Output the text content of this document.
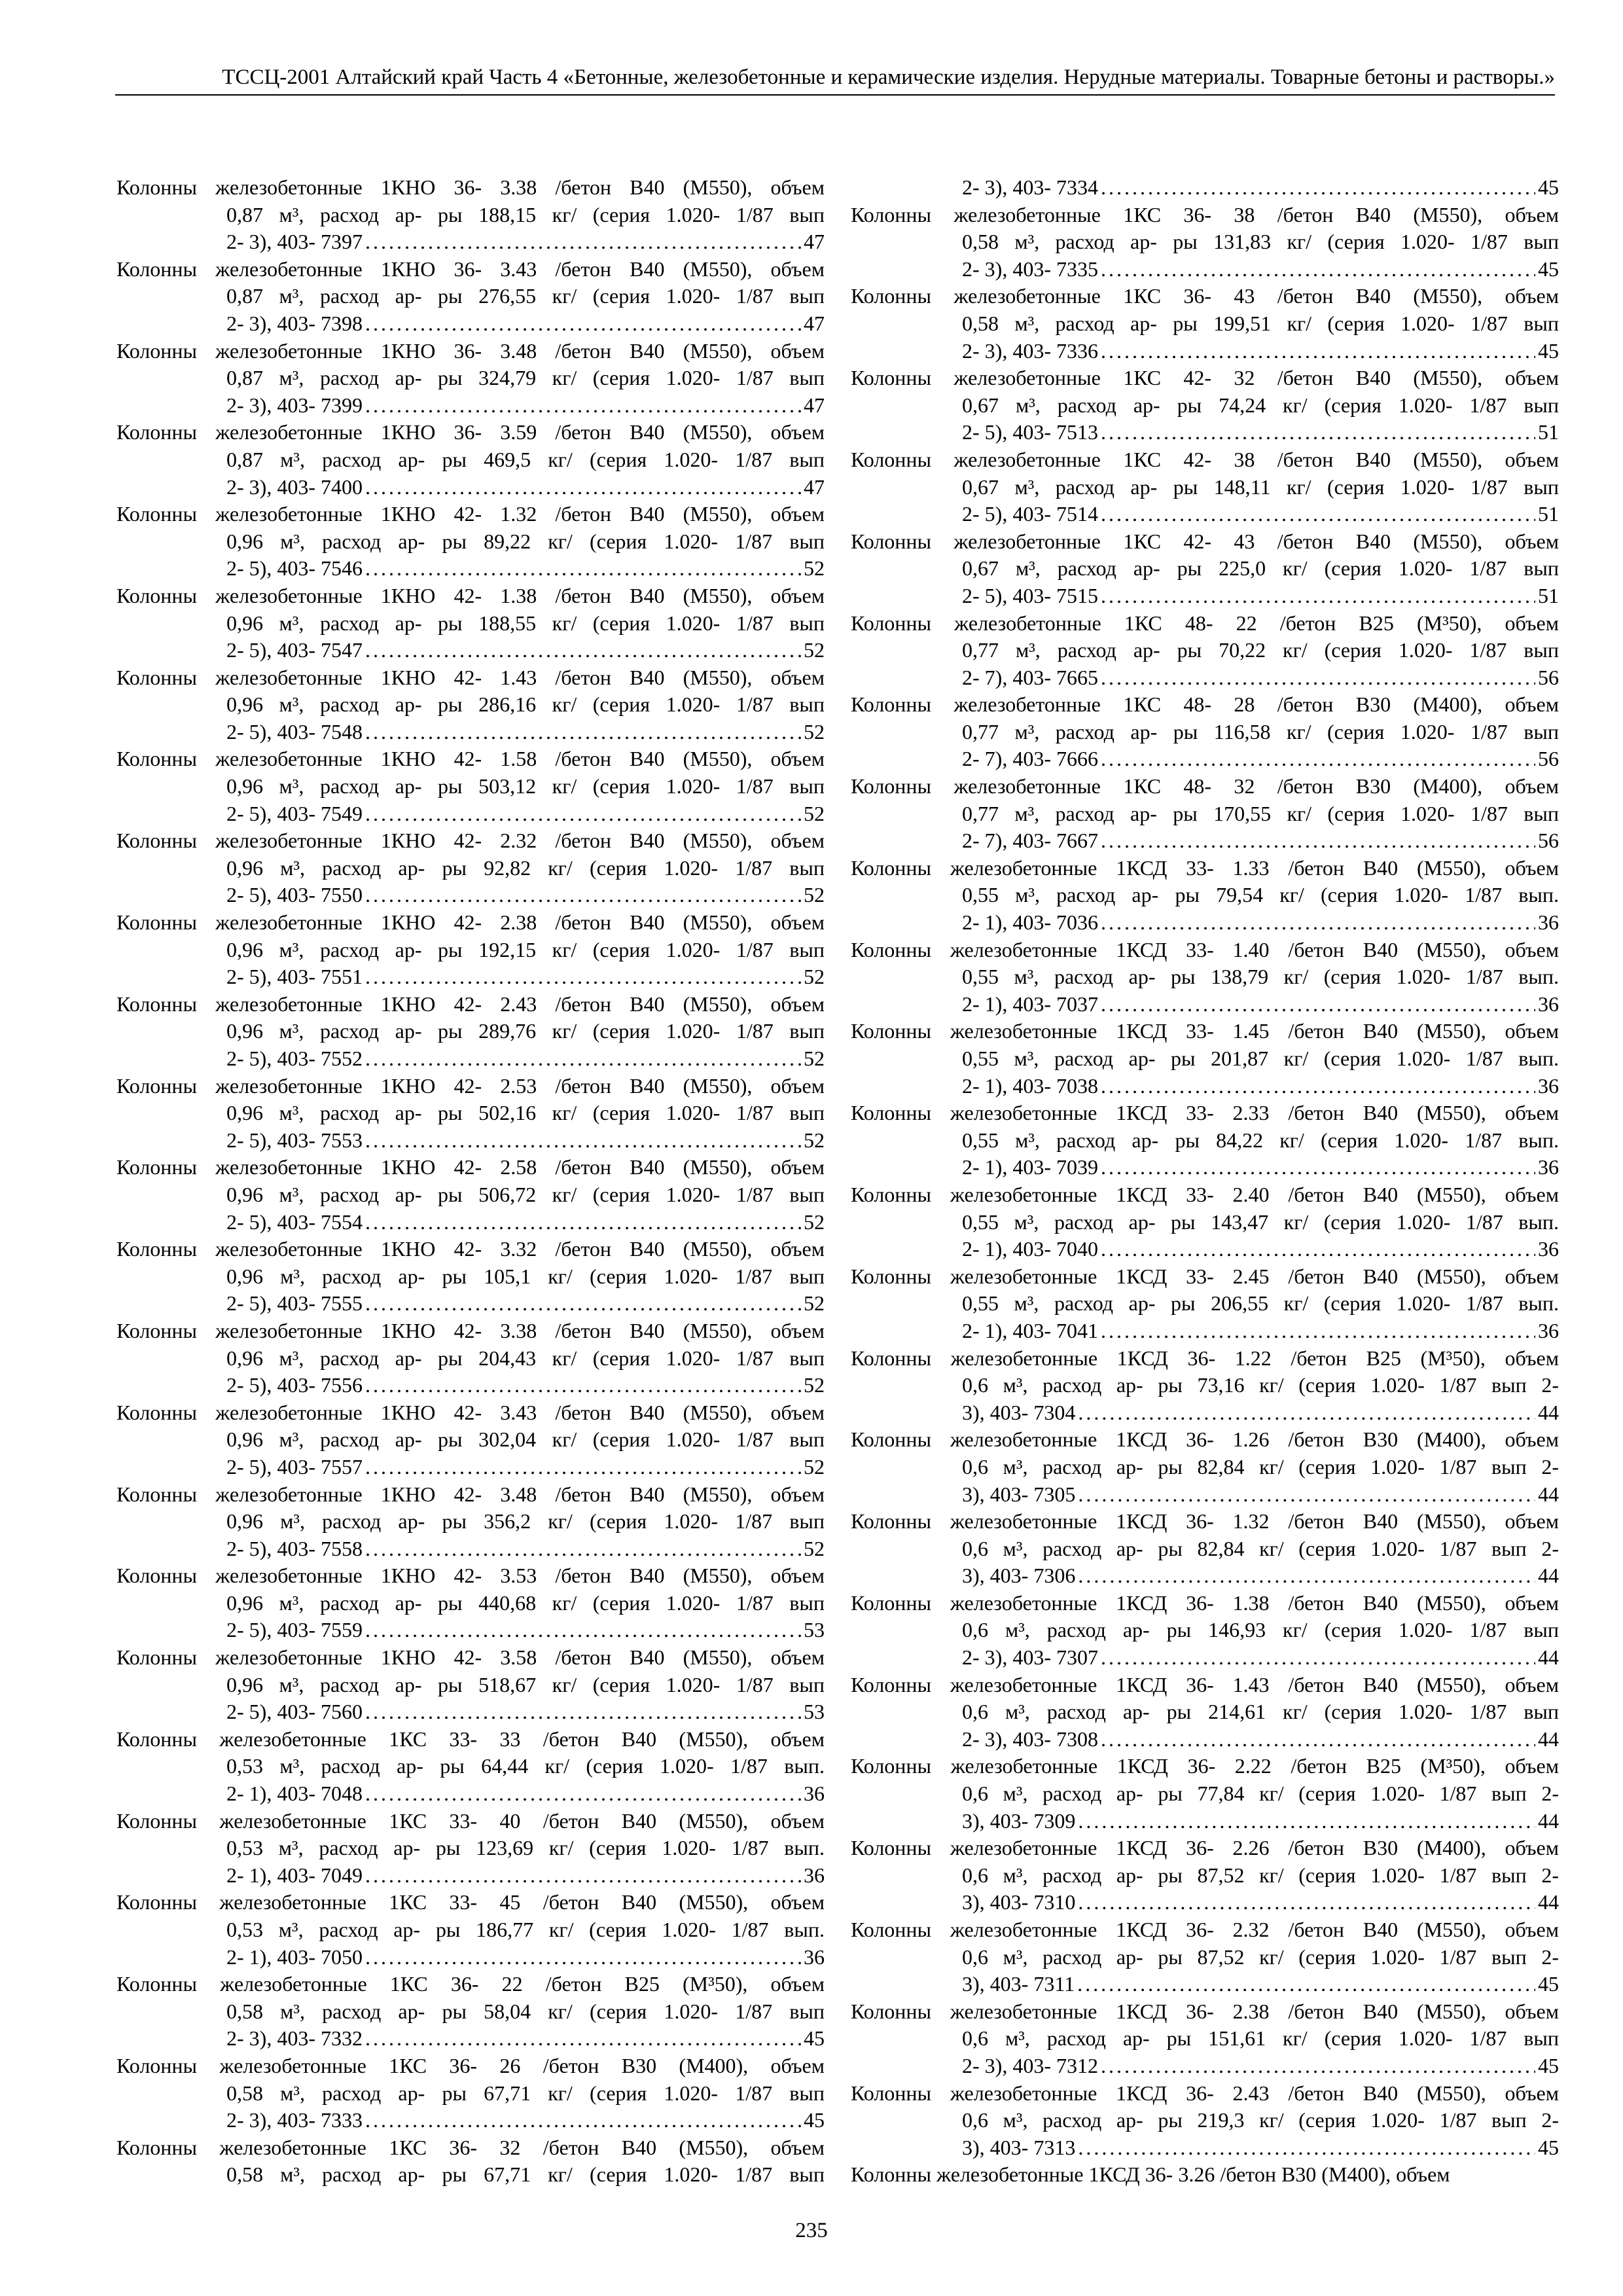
ТССЦ-2001 Алтайский край Часть 4 «Бетонные, железобетонные и керамические изделия. Нерудные материалы. Товарные бетоны и растворы.»
Колонны железобетонные 1КНО 36- 3.38 /бетон В40 (М550), объем
0,87 м³, расход ар- ры 188,15 кг/ (серия 1.020- 1/87 вып
2- 3), 403- 7397 . . .	47
Колонны железобетонные 1КНО 36- 3.43 /бетон В40 (М550), объем
0,87 м³, расход ар- ры 276,55 кг/ (серия 1.020- 1/87 вып
2- 3), 403- 7398 . . .	47
Колонны железобетонные 1КНО 36- 3.48 /бетон В40 (М550), объем
0,87 м³, расход ар- ры 324,79 кг/ (серия 1.020- 1/87 вып
2- 3), 403- 7399 . . .	47
Колонны железобетонные 1КНО 36- 3.59 /бетон В40 (М550), объем
0,87 м³, расход ар- ры 469,5 кг/ (серия 1.020- 1/87 вып
2- 3), 403- 7400 . . .	47
Колонны железобетонные 1КНО 42- 1.32 /бетон В40 (М550), объем
0,96 м³, расход ар- ры 89,22 кг/ (серия 1.020- 1/87 вып
2- 5), 403- 7546 . . .	52
Колонны железобетонные 1КНО 42- 1.38 /бетон В40 (М550), объем
0,96 м³, расход ар- ры 188,55 кг/ (серия 1.020- 1/87 вып
2- 5), 403- 7547 . . .	52
Колонны железобетонные 1КНО 42- 1.43 /бетон В40 (М550), объем
0,96 м³, расход ар- ры 286,16 кг/ (серия 1.020- 1/87 вып
2- 5), 403- 7548 . . .	52
Колонны железобетонные 1КНО 42- 1.58 /бетон В40 (М550), объем
0,96 м³, расход ар- ры 503,12 кг/ (серия 1.020- 1/87 вып
2- 5), 403- 7549 . . .	52
Колонны железобетонные 1КНО 42- 2.32 /бетон В40 (М550), объем
0,96 м³, расход ар- ры 92,82 кг/ (серия 1.020- 1/87 вып
2- 5), 403- 7550 . . .	52
Колонны железобетонные 1КНО 42- 2.38 /бетон В40 (М550), объем
0,96 м³, расход ар- ры 192,15 кг/ (серия 1.020- 1/87 вып
2- 5), 403- 7551 . . .	52
Колонны железобетонные 1КНО 42- 2.43 /бетон В40 (М550), объем
0,96 м³, расход ар- ры 289,76 кг/ (серия 1.020- 1/87 вып
2- 5), 403- 7552 . . .	52
Колонны железобетонные 1КНО 42- 2.53 /бетон В40 (М550), объем
0,96 м³, расход ар- ры 502,16 кг/ (серия 1.020- 1/87 вып
2- 5), 403- 7553 . . .	52
Колонны железобетонные 1КНО 42- 2.58 /бетон В40 (М550), объем
0,96 м³, расход ар- ры 506,72 кг/ (серия 1.020- 1/87 вып
2- 5), 403- 7554 . . .	52
Колонны железобетонные 1КНО 42- 3.32 /бетон В40 (М550), объем
0,96 м³, расход ар- ры 105,1 кг/ (серия 1.020- 1/87 вып
2- 5), 403- 7555 . . .	52
Колонны железобетонные 1КНО 42- 3.38 /бетон В40 (М550), объем
0,96 м³, расход ар- ры 204,43 кг/ (серия 1.020- 1/87 вып
2- 5), 403- 7556 . . .	52
Колонны железобетонные 1КНО 42- 3.43 /бетон В40 (М550), объем
0,96 м³, расход ар- ры 302,04 кг/ (серия 1.020- 1/87 вып
2- 5), 403- 7557 . . .	52
Колонны железобетонные 1КНО 42- 3.48 /бетон В40 (М550), объем
0,96 м³, расход ар- ры 356,2 кг/ (серия 1.020- 1/87 вып
2- 5), 403- 7558 . . .	52
Колонны железобетонные 1КНО 42- 3.53 /бетон В40 (М550), объем
0,96 м³, расход ар- ры 440,68 кг/ (серия 1.020- 1/87 вып
2- 5), 403- 7559 . . .	53
Колонны железобетонные 1КНО 42- 3.58 /бетон В40 (М550), объем
0,96 м³, расход ар- ры 518,67 кг/ (серия 1.020- 1/87 вып
2- 5), 403- 7560 . . .	53
Колонны железобетонные 1КС 33- 33 /бетон В40 (М550), объем
0,53 м³, расход ар- ры 64,44 кг/ (серия 1.020- 1/87 вып.
2- 1), 403- 7048 . . .	36
Колонны железобетонные 1КС 33- 40 /бетон В40 (М550), объем
0,53 м³, расход ар- ры 123,69 кг/ (серия 1.020- 1/87 вып.
2- 1), 403- 7049 . . .	36
Колонны железобетонные 1КС 33- 45 /бетон В40 (М550), объем
0,53 м³, расход ар- ры 186,77 кг/ (серия 1.020- 1/87 вып.
2- 1), 403- 7050 . . .	36
Колонны железобетонные 1КС 36- 22 /бетон В25 (М³50), объем
0,58 м³, расход ар- ры 58,04 кг/ (серия 1.020- 1/87 вып
2- 3), 403- 7332 . . .	45
Колонны железобетонные 1КС 36- 26 /бетон В30 (М400), объем
0,58 м³, расход ар- ры 67,71 кг/ (серия 1.020- 1/87 вып
2- 3), 403- 7333 . . .	45
Колонны железобетонные 1КС 36- 32 /бетон В40 (М550), объем
0,58 м³, расход ар- ры 67,71 кг/ (серия 1.020- 1/87 вып
2- 3), 403- 7334 . . .	45
Колонны железобетонные 1КС 36- 38 /бетон В40 (М550), объем
0,58 м³, расход ар- ры 131,83 кг/ (серия 1.020- 1/87 вып
2- 3), 403- 7335 . . .	45
Колонны железобетонные 1КС 36- 43 /бетон В40 (М550), объем
0,58 м³, расход ар- ры 199,51 кг/ (серия 1.020- 1/87 вып
2- 3), 403- 7336 . . .	45
Колонны железобетонные 1КС 42- 32 /бетон В40 (М550), объем
0,67 м³, расход ар- ры 74,24 кг/ (серия 1.020- 1/87 вып
2- 5), 403- 7513 . . .	51
Колонны железобетонные 1КС 42- 38 /бетон В40 (М550), объем
0,67 м³, расход ар- ры 148,11 кг/ (серия 1.020- 1/87 вып
2- 5), 403- 7514 . . .	51
Колонны железобетонные 1КС 42- 43 /бетон В40 (М550), объем
0,67 м³, расход ар- ры 225,0 кг/ (серия 1.020- 1/87 вып
2- 5), 403- 7515 . . .	51
Колонны железобетонные 1КС 48- 22 /бетон В25 (М³50), объем
0,77 м³, расход ар- ры 70,22 кг/ (серия 1.020- 1/87 вып
2- 7), 403- 7665 . . .	56
Колонны железобетонные 1КС 48- 28 /бетон В30 (М400), объем
0,77 м³, расход ар- ры 116,58 кг/ (серия 1.020- 1/87 вып
2- 7), 403- 7666 . . .	56
Колонны железобетонные 1КС 48- 32 /бетон В30 (М400), объем
0,77 м³, расход ар- ры 170,55 кг/ (серия 1.020- 1/87 вып
2- 7), 403- 7667 . . .	56
Колонны железобетонные 1КСД 33- 1.33 /бетон В40 (М550), объем
0,55 м³, расход ар- ры 79,54 кг/ (серия 1.020- 1/87 вып.
2- 1), 403- 7036 . . .	36
Колонны железобетонные 1КСД 33- 1.40 /бетон В40 (М550), объем
0,55 м³, расход ар- ры 138,79 кг/ (серия 1.020- 1/87 вып.
2- 1), 403- 7037 . . .	36
Колонны железобетонные 1КСД 33- 1.45 /бетон В40 (М550), объем
0,55 м³, расход ар- ры 201,87 кг/ (серия 1.020- 1/87 вып.
2- 1), 403- 7038 . . .	36
Колонны железобетонные 1КСД 33- 2.33 /бетон В40 (М550), объем
0,55 м³, расход ар- ры 84,22 кг/ (серия 1.020- 1/87 вып.
2- 1), 403- 7039 . . .	36
Колонны железобетонные 1КСД 33- 2.40 /бетон В40 (М550), объем
0,55 м³, расход ар- ры 143,47 кг/ (серия 1.020- 1/87 вып.
2- 1), 403- 7040 . . .	36
Колонны железобетонные 1КСД 33- 2.45 /бетон В40 (М550), объем
0,55 м³, расход ар- ры 206,55 кг/ (серия 1.020- 1/87 вып.
2- 1), 403- 7041 . . .	36
Колонны железобетонные 1КСД 36- 1.22 /бетон В25 (М³50), объем
0,6 м³, расход ар- ры 73,16 кг/ (серия 1.020- 1/87 вып 2-
3), 403- 7304 . . .	44
Колонны железобетонные 1КСД 36- 1.26 /бетон В30 (М400), объем
0,6 м³, расход ар- ры 82,84 кг/ (серия 1.020- 1/87 вып 2-
3), 403- 7305 . . .	44
Колонны железобетонные 1КСД 36- 1.32 /бетон В40 (М550), объем
0,6 м³, расход ар- ры 82,84 кг/ (серия 1.020- 1/87 вып 2-
3), 403- 7306 . . .	44
Колонны железобетонные 1КСД 36- 1.38 /бетон В40 (М550), объем
0,6 м³, расход ар- ры 146,93 кг/ (серия 1.020- 1/87 вып
2- 3), 403- 7307 . . .	44
Колонны железобетонные 1КСД 36- 1.43 /бетон В40 (М550), объем
0,6 м³, расход ар- ры 214,61 кг/ (серия 1.020- 1/87 вып
2- 3), 403- 7308 . . .	44
Колонны железобетонные 1КСД 36- 2.22 /бетон В25 (М³50), объем
0,6 м³, расход ар- ры 77,84 кг/ (серия 1.020- 1/87 вып 2-
3), 403- 7309 . . .	44
Колонны железобетонные 1КСД 36- 2.26 /бетон В30 (М400), объем
0,6 м³, расход ар- ры 87,52 кг/ (серия 1.020- 1/87 вып 2-
3), 403- 7310 . . .	44
Колонны железобетонные 1КСД 36- 2.32 /бетон В40 (М550), объем
0,6 м³, расход ар- ры 87,52 кг/ (серия 1.020- 1/87 вып 2-
3), 403- 7311 . . .	45
Колонны железобетонные 1КСД 36- 2.38 /бетон В40 (М550), объем
0,6 м³, расход ар- ры 151,61 кг/ (серия 1.020- 1/87 вып
2- 3), 403- 7312 . . .	45
Колонны железобетонные 1КСД 36- 2.43 /бетон В40 (М550), объем
0,6 м³, расход ар- ры 219,3 кг/ (серия 1.020- 1/87 вып 2-
3), 403- 7313 . . .	45
Колонны железобетонные 1КСД 36- 3.26 /бетон В30 (М400), объем
235
